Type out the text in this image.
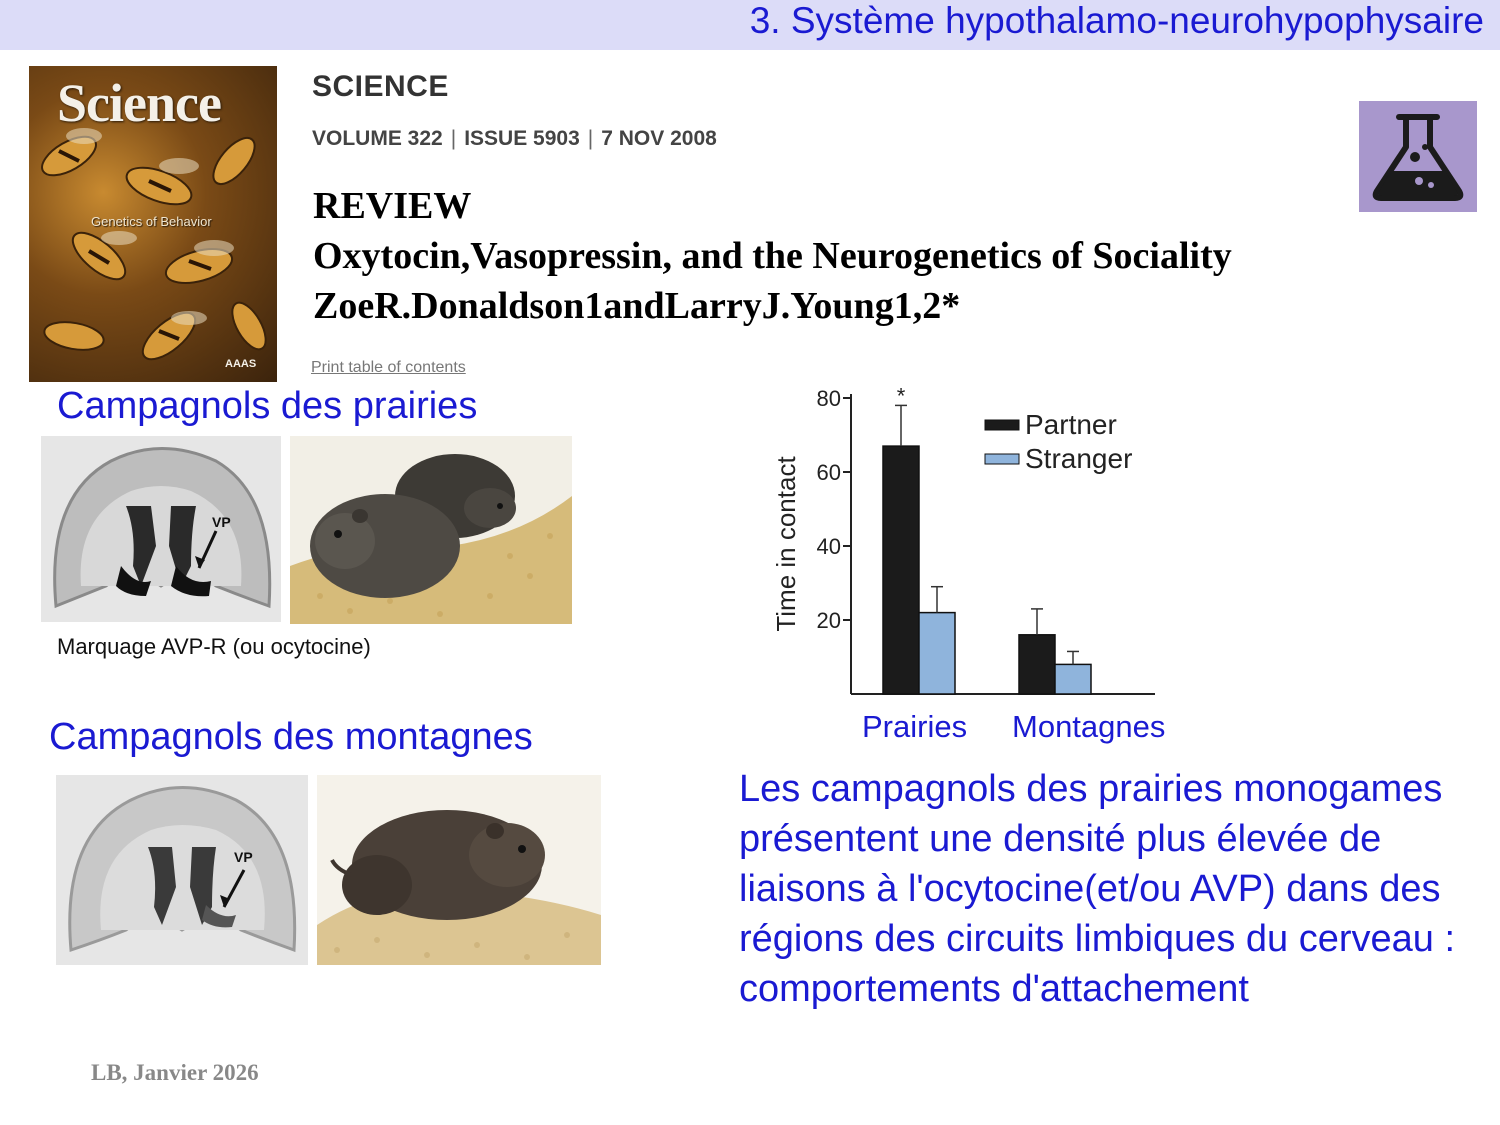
3. Système hypothalamo-neurohypophysaire
Science
Genetics of Behavior
AAAS
SCIENCE
VOLUME 322 | ISSUE 5903 | 7 NOV 2008
REVIEW
Oxytocin,Vasopressin, and the Neurogenetics of Sociality
ZoeR.Donaldson1andLarryJ.Young1,2*
Print table of contents
Campagnols des prairies
VP
Marquage AVP-R (ou ocytocine)
Campagnols des montagnes
VP
20
40
60
80
Time in contact
*
Partner
Stranger
Prairies Montagnes
Les campagnols des prairies monogames présentent une densité plus élevée de liaisons à l'ocytocine(et/ou AVP) dans des régions des circuits limbiques du cerveau : comportements d'attachement
LB, Janvier 2026
